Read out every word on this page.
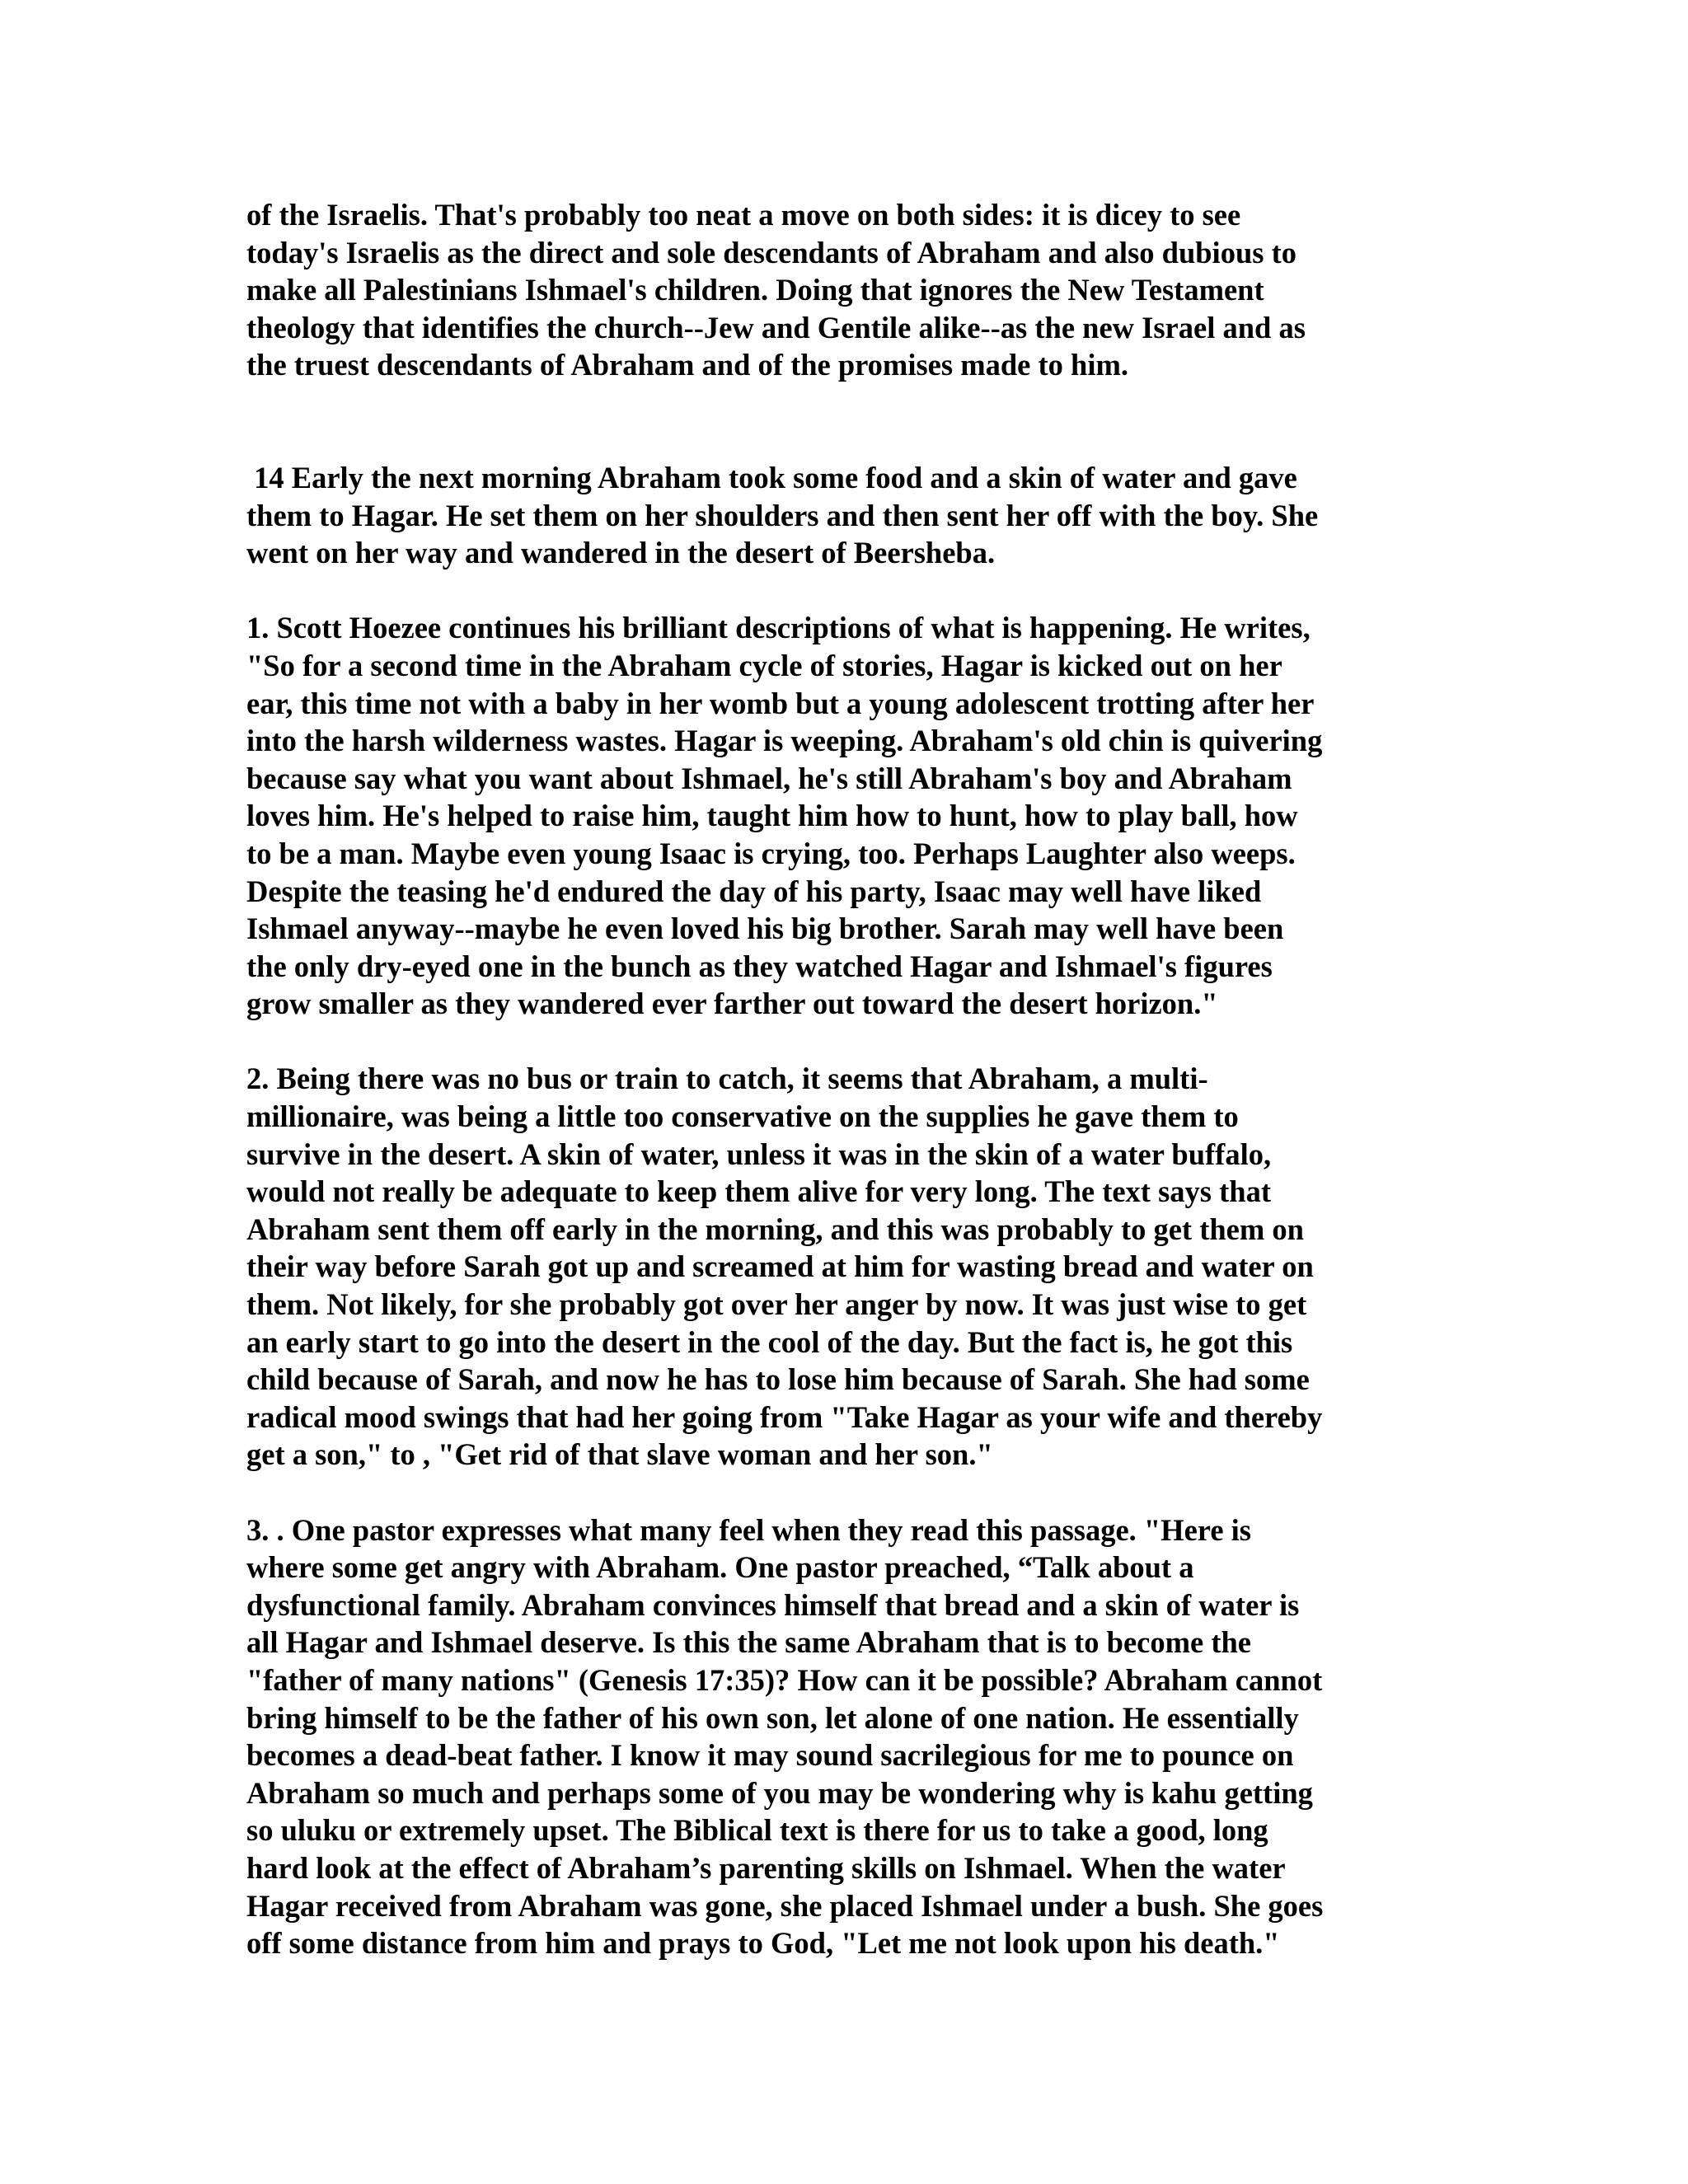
of the Israelis. That's probably too neat a move on both sides: it is dicey to see
today's Israelis as the direct and sole descendants of Abraham and also dubious to
make all Palestinians Ishmael's children. Doing that ignores the New Testament
theology that identifies the church--Jew and Gentile alike--as the new Israel and as
the truest descendants of Abraham and of the promises made to him.
14 Early the next morning Abraham took some food and a skin of water and gave
them to Hagar. He set them on her shoulders and then sent her off with the boy. She
went on her way and wandered in the desert of Beersheba.
1. Scott Hoezee continues his brilliant descriptions of what is happening. He writes,
"So for a second time in the Abraham cycle of stories, Hagar is kicked out on her
ear, this time not with a baby in her womb but a young adolescent trotting after her
into the harsh wilderness wastes. Hagar is weeping. Abraham's old chin is quivering
because say what you want about Ishmael, he's still Abraham's boy and Abraham
loves him. He's helped to raise him, taught him how to hunt, how to play ball, how
to be a man. Maybe even young Isaac is crying, too. Perhaps Laughter also weeps.
Despite the teasing he'd endured the day of his party, Isaac may well have liked
Ishmael anyway--maybe he even loved his big brother. Sarah may well have been
the only dry-eyed one in the bunch as they watched Hagar and Ishmael's figures
grow smaller as they wandered ever farther out toward the desert horizon."
2. Being there was no bus or train to catch, it seems that Abraham, a multi-
millionaire, was being a little too conservative on the supplies he gave them to
survive in the desert. A skin of water, unless it was in the skin of a water buffalo,
would not really be adequate to keep them alive for very long. The text says that
Abraham sent them off early in the morning, and this was probably to get them on
their way before Sarah got up and screamed at him for wasting bread and water on
them. Not likely, for she probably got over her anger by now. It was just wise to get
an early start to go into the desert in the cool of the day. But the fact is, he got this
child because of Sarah, and now he has to lose him because of Sarah. She had some
radical mood swings that had her going from "Take Hagar as your wife and thereby
get a son," to , "Get rid of that slave woman and her son."
3. . One pastor expresses what many feel when they read this passage. "Here is
where some get angry with Abraham. One pastor preached, “Talk about a
dysfunctional family. Abraham convinces himself that bread and a skin of water is
all Hagar and Ishmael deserve. Is this the same Abraham that is to become the
"father of many nations" (Genesis 17:35)? How can it be possible? Abraham cannot
bring himself to be the father of his own son, let alone of one nation. He essentially
becomes a dead-beat father. I know it may sound sacrilegious for me to pounce on
Abraham so much and perhaps some of you may be wondering why is kahu getting
so uluku or extremely upset. The Biblical text is there for us to take a good, long
hard look at the effect of Abraham’s parenting skills on Ishmael. When the water
Hagar received from Abraham was gone, she placed Ishmael under a bush. She goes
off some distance from him and prays to God, "Let me not look upon his death."
